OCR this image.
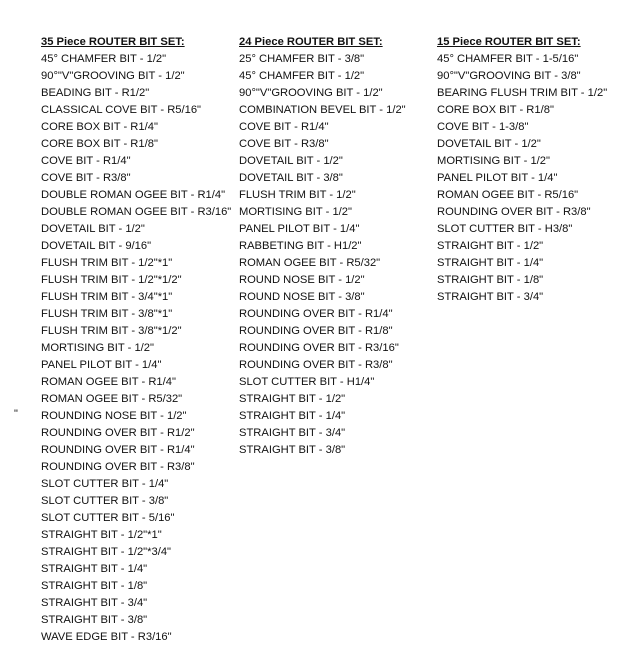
35 Piece ROUTER BIT SET:
45° CHAMFER BIT - 1/2"
90°"V"GROOVING BIT - 1/2"
BEADING BIT - R1/2"
CLASSICAL COVE BIT - R5/16"
CORE BOX BIT - R1/4"
CORE BOX BIT - R1/8"
COVE BIT - R1/4"
COVE BIT - R3/8"
DOUBLE ROMAN OGEE BIT - R1/4"
DOUBLE ROMAN OGEE BIT - R3/16"
DOVETAIL BIT - 1/2"
DOVETAIL BIT - 9/16"
FLUSH TRIM BIT - 1/2"*1"
FLUSH TRIM BIT - 1/2"*1/2"
FLUSH TRIM BIT - 3/4"*1"
FLUSH TRIM BIT - 3/8"*1"
FLUSH TRIM BIT - 3/8"*1/2"
MORTISING BIT - 1/2"
PANEL PILOT BIT - 1/4"
ROMAN OGEE BIT - R1/4"
ROMAN OGEE BIT - R5/32"
ROUNDING NOSE BIT - 1/2"
ROUNDING OVER BIT - R1/2"
ROUNDING OVER BIT - R1/4"
ROUNDING OVER BIT - R3/8"
SLOT CUTTER BIT - 1/4"
SLOT CUTTER BIT - 3/8"
SLOT CUTTER BIT - 5/16"
STRAIGHT BIT - 1/2"*1"
STRAIGHT BIT - 1/2"*3/4"
STRAIGHT BIT - 1/4"
STRAIGHT BIT - 1/8"
STRAIGHT BIT - 3/4"
STRAIGHT BIT - 3/8"
WAVE EDGE BIT - R3/16"
24 Piece ROUTER BIT SET:
25° CHAMFER BIT - 3/8"
45° CHAMFER BIT - 1/2"
90°"V"GROOVING BIT - 1/2"
COMBINATION BEVEL BIT - 1/2"
COVE BIT - R1/4"
COVE BIT - R3/8"
DOVETAIL BIT - 1/2"
DOVETAIL BIT - 3/8"
FLUSH TRIM BIT - 1/2"
MORTISING BIT - 1/2"
PANEL PILOT BIT - 1/4"
RABBETING BIT - H1/2"
ROMAN OGEE BIT - R5/32"
ROUND NOSE BIT - 1/2"
ROUND NOSE BIT - 3/8"
ROUNDING OVER BIT - R1/4"
ROUNDING OVER BIT - R1/8"
ROUNDING OVER BIT - R3/16"
ROUNDING OVER BIT - R3/8"
SLOT CUTTER BIT - H1/4"
STRAIGHT BIT - 1/2"
STRAIGHT BIT - 1/4"
STRAIGHT BIT - 3/4"
STRAIGHT BIT - 3/8"
15 Piece ROUTER BIT SET:
45° CHAMFER BIT - 1-5/16"
90°"V"GROOVING BIT - 3/8"
BEARING FLUSH TRIM BIT - 1/2"
CORE BOX BIT - R1/8"
COVE BIT - 1-3/8"
DOVETAIL BIT - 1/2"
MORTISING BIT - 1/2"
PANEL PILOT BIT - 1/4"
ROMAN OGEE BIT - R5/16"
ROUNDING OVER BIT - R3/8"
SLOT CUTTER BIT - H3/8"
STRAIGHT BIT - 1/2"
STRAIGHT BIT - 1/4"
STRAIGHT BIT - 1/8"
STRAIGHT BIT - 3/4"
"
